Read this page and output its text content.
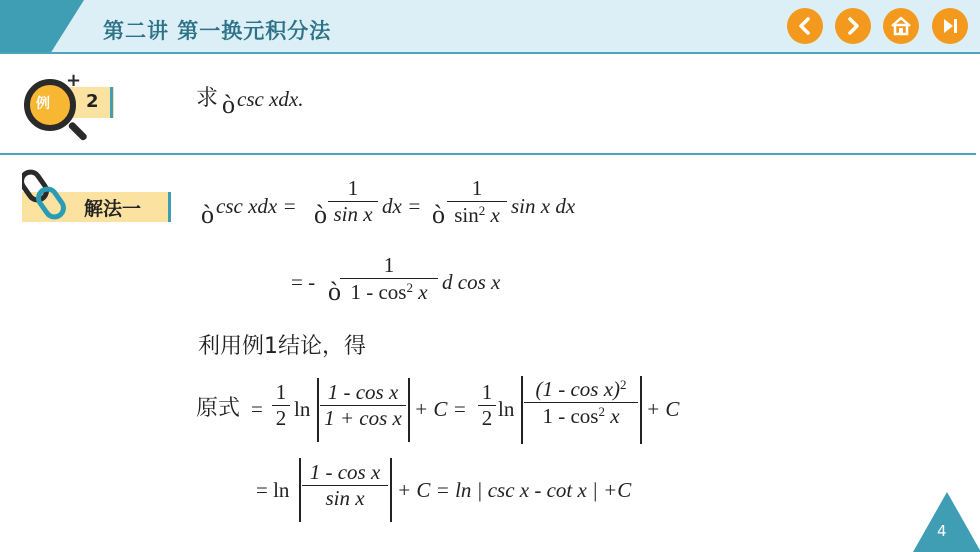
第二讲 第一换元积分法
例
+
2	求 ò csc xdx.
解法一 ò csc xdx = ò $\frac{1}{\text{sin x}}$ dx = ò $\frac{1}{\sin^2 x}$ sin x dx
= - ò $\frac{1}{1 - \cos^2 x}$ d cos x
利用例1结论，得
原式 = $\frac{1}{2}$ $\ln \frac{\text{1 - cos x}}{\text{1 + cos x}} + C = \frac{1}{2}$ $\ln \frac{(1 - \cos x)^2}{1 - \cos^2 x} + C$
= $\ln \frac{\text{1 - cos x}}{\text{sin x}} + C = \ln$ | csc x - cot x | +C
4
